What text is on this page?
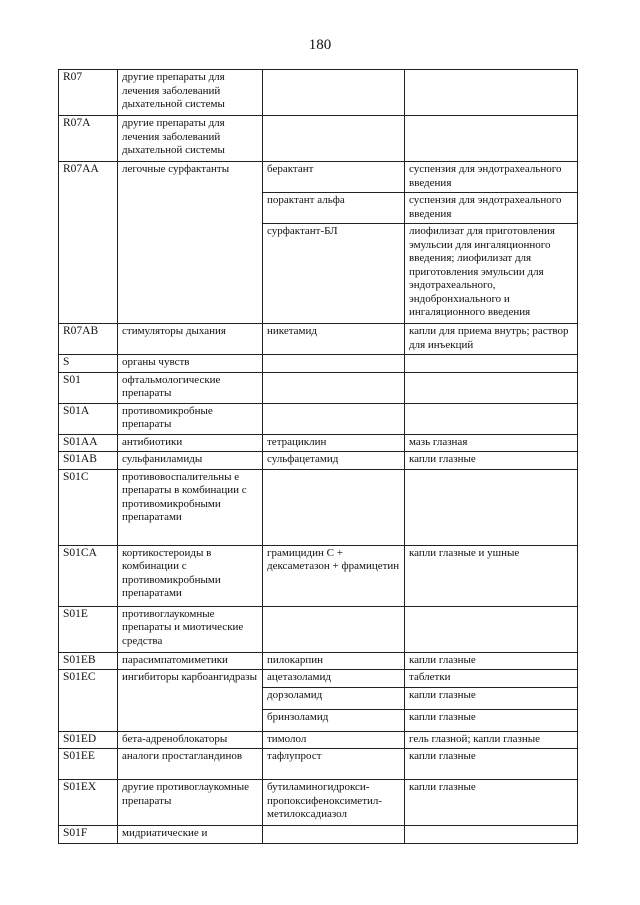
180
R07	другие препараты для лечения заболеваний дыхательной системы		
R07A	другие препараты для лечения заболеваний дыхательной системы		
R07AA	легочные сурфактанты	берактант	суспензия для эндотрахеального введения
		порактант альфа	суспензия для эндотрахеального введения
		сурфактант-БЛ	лиофилизат для приготовления эмульсии для ингаляционного введения; лиофилизат для приготовления эмульсии для эндотрахеального, эндобронхиального и ингаляционного введения
R07AB	стимуляторы дыхания	никетамид	капли для приема внутрь; раствор для инъекций
S	органы чувств		
S01	офтальмологические препараты		
S01A	противомикробные препараты		
S01AA	антибиотики	тетрациклин	мазь глазная
S01AB	сульфаниламиды	сульфацетамид	капли глазные
S01C	противовоспалительны е препараты в комбинации с противомикробными препаратами		
S01CA	кортикостероиды в комбинации с противомикробными препаратами	грамицидин С + дексаметазон + фрамицетин	капли глазные и ушные
S01E	противоглаукомные препараты и миотические средства		
S01EB	парасимпатомиметики	пилокарпин	капли глазные
S01EC	ингибиторы карбоангидразы	ацетазоламид	таблетки
		дорзоламид	капли глазные
		бринзоламид	капли глазные
S01ED	бета-адреноблокаторы	тимолол	гель глазной; капли глазные
S01EE	аналоги простагландинов	тафлупрост	капли глазные
S01EX	другие противоглаукомные препараты	бутиламиногидрокси-пропоксифеноксиметил-метилоксадиазол	капли глазные
S01F	мидриатические и		
